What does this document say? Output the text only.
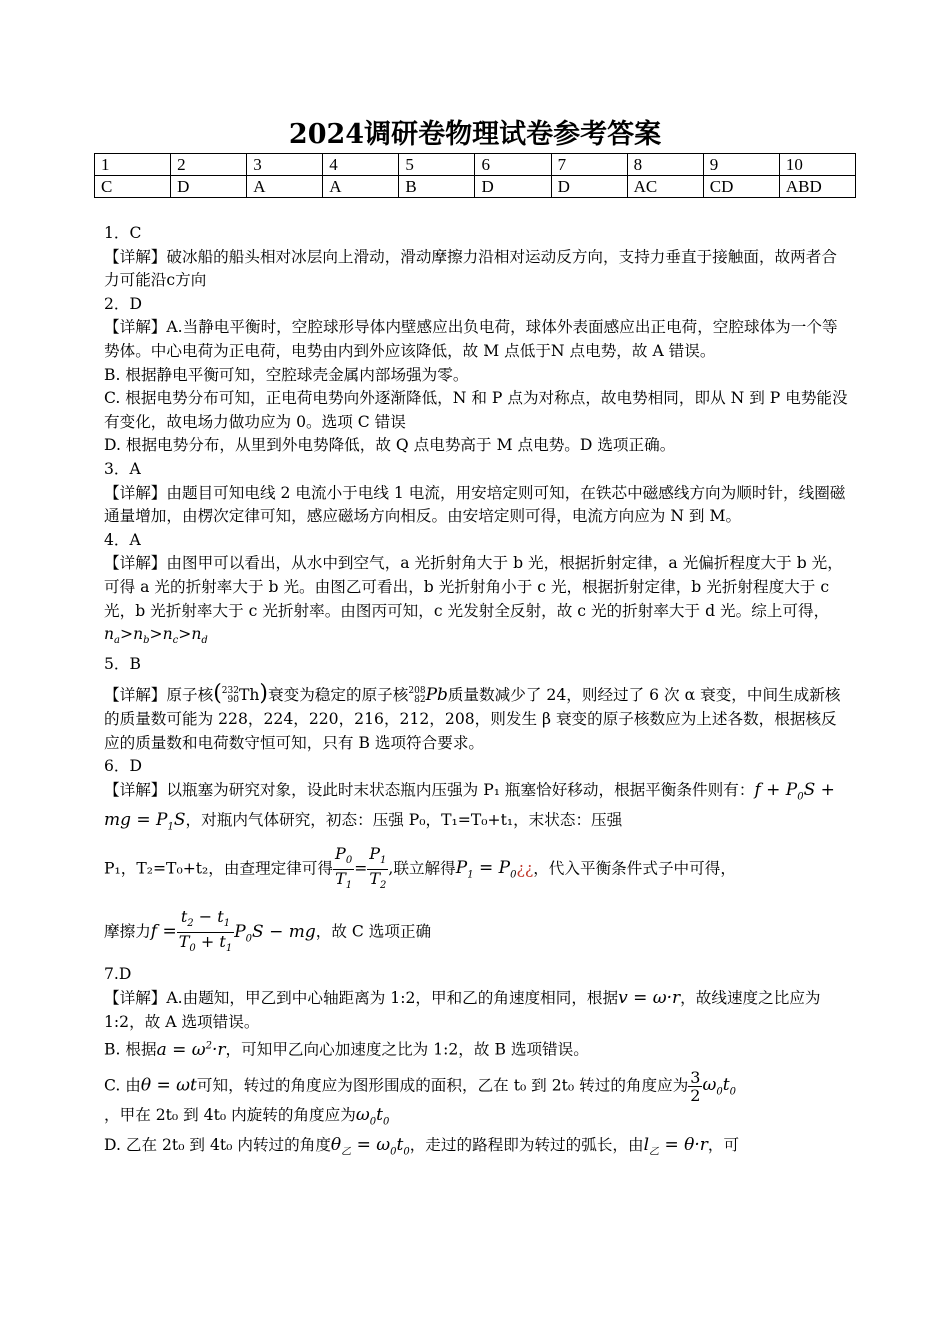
2024调研卷物理试卷参考答案
1	2	3	4	5	6	7	8	9	10
C	D	A	A	B	D	D	AC	CD	ABD

1．C

【详解】破冰船的船头相对冰层向上滑动，滑动摩擦力沿相对运动反方向，支持力垂直于接触面，故两者合力可能沿c方向

2．D

【详解】A.当静电平衡时，空腔球形导体内壁感应出负电荷，球体外表面感应出正电荷，空腔球体为一个等势体。中心电荷为正电荷，电势由内到外应该降低，故 M 点低于N 点电势，故 A 错误。

B. 根据静电平衡可知，空腔球壳金属内部场强为零。

C. 根据电势分布可知，正电荷电势向外逐渐降低，N 和 P 点为对称点，故电势相同，即从 N 到 P 电势能没有变化，故电场力做功应为 0。选项 C 错误

D. 根据电势分布，从里到外电势降低，故 Q 点电势高于 M 点电势。D 选项正确。

3．A

【详解】由题目可知电线 2 电流小于电线 1 电流，用安培定则可知，在铁芯中磁感线方向为顺时针，线圈磁通量增加，由楞次定律可知，感应磁场方向相反。由安培定则可得，电流方向应为 N 到 M。

4．A

【详解】由图甲可以看出，从水中到空气，a 光折射角大于 b 光，根据折射定律，a 光偏折程度大于 b 光，可得 a 光的折射率大于 b 光。由图乙可看出，b 光折射角小于 c 光，根据折射定律，b 光折射程度大于 c 光，b 光折射率大于 c 光折射率。由图丙可知，c 光发射全反射，故 c 光的折射率大于 d 光。综上可得，$n_a>n_b>n_c>n_d$

5．B

【详解】原子核( 232
90 Th)衰变为稳定的原子核 208
82 Pb质量数减少了 24，则经过了 6 次 α 衰变，中间生成新核的质量数可能为 228，224，220，216，212，208，则发生 β 衰变的原子核数应为上述各数，根据核反应的质量数和电荷数守恒可知，只有 B 选项符合要求。

6．D

【详解】以瓶塞为研究对象，设此时末状态瓶内压强为 P₁ 瓶塞恰好移动，根据平衡条件则有：$f + P_0S$ + mg = $P_1S$，对瓶内气体研究，初态：压强 P₀，T₁=T₀+t₁，末状态：压强

P₁，T₂=T₀+t₂，由查理定律可得 $\frac{P_0}{T_1} = \frac{P_1}{T_2}$ ,联立解得$P_1$ = $P_0¿¿$，代入平衡条件式子中可得，

摩擦力$f = \frac{t_2 - t_1}{T_0 + t_1} P_0S$ − mg，故 C 选项正确

7.D

【详解】A.由题知，甲乙到中心轴距离为 1:2，甲和乙的角速度相同，根据v = ω·r，故线速度之比应为 1:2，故 A 选项错误。

B. 根据$a = \omega^2\cdot r$，可知甲乙向心加速度之比为 1:2，故 B 选项错误。

C. 由θ = ωt可知，转过的角度应为图形围成的面积，乙在 t₀ 到 2t₀ 转过的角度应为 $\frac{3}{2} \omega_0t_0$

，甲在 2t₀ 到 4t₀ 内旋转的角度应为$\omega_0t_0$

D. 乙在 2t₀ 到 4t₀ 内转过的角度$\theta_乙 = \omega_0t_0$，走过的路程即为转过的弧长，由$l_乙 = \theta\cdot r$，可
